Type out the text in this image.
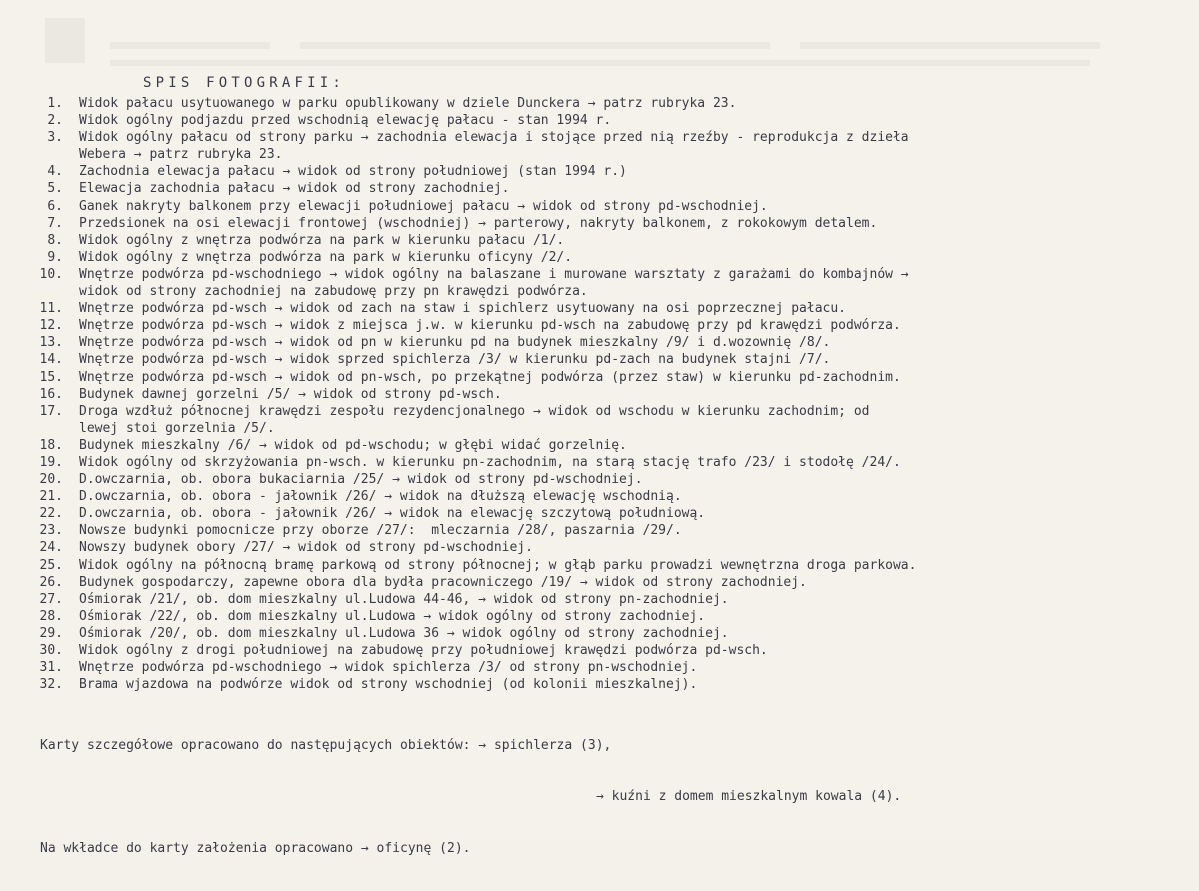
SPIS FOTOGRAFII:
1. Widok pałacu usytuowanego w parku opublikowany w dziele Dunckera → patrz rubryka 23.
2. Widok ogólny podjazdu przed wschodnią elewację pałacu - stan 1994 r.
3. Widok ogólny pałacu od strony parku → zachodnia elewacja i stojące przed nią rzeźby - reprodukcja z dzieła
Webera → patrz rubryka 23.
4. Zachodnia elewacja pałacu → widok od strony południowej (stan 1994 r.)
5. Elewacja zachodnia pałacu → widok od strony zachodniej.
6. Ganek nakryty balkonem przy elewacji południowej pałacu → widok od strony pd-wschodniej.
7. Przedsionek na osi elewacji frontowej (wschodniej) → parterowy, nakryty balkonem, z rokokowym detalem.
8. Widok ogólny z wnętrza podwórza na park w kierunku pałacu /1/.
9. Widok ogólny z wnętrza podwórza na park w kierunku oficyny /2/.
10. Wnętrze podwórza pd-wschodniego → widok ogólny na balaszane i murowane warsztaty z garażami do kombajnów →
widok od strony zachodniej na zabudowę przy pn krawędzi podwórza.
11. Wnętrze podwórza pd-wsch → widok od zach na staw i spichlerz usytuowany na osi poprzecznej pałacu.
12. Wnętrze podwórza pd-wsch → widok z miejsca j.w. w kierunku pd-wsch na zabudowę przy pd krawędzi podwórza.
13. Wnętrze podwórza pd-wsch → widok od pn w kierunku pd na budynek mieszkalny /9/ i d.wozownię /8/.
14. Wnętrze podwórza pd-wsch → widok sprzed spichlerza /3/ w kierunku pd-zach na budynek stajni /7/.
15. Wnętrze podwórza pd-wsch → widok od pn-wsch, po przekątnej podwórza (przez staw) w kierunku pd-zachodnim.
16. Budynek dawnej gorzelni /5/ → widok od strony pd-wsch.
17. Droga wzdłuż północnej krawędzi zespołu rezydencjonalnego → widok od wschodu w kierunku zachodnim; od
lewej stoi gorzelnia /5/.
18. Budynek mieszkalny /6/ → widok od pd-wschodu; w głębi widać gorzelnię.
19. Widok ogólny od skrzyżowania pn-wsch. w kierunku pn-zachodnim, na starą stację trafo /23/ i stodołę /24/.
20. D.owczarnia, ob. obora bukaciarnia /25/ → widok od strony pd-wschodniej.
21. D.owczarnia, ob. obora - jałownik /26/ → widok na dłuższą elewację wschodnią.
22. D.owczarnia, ob. obora - jałownik /26/ → widok na elewację szczytową południową.
23. Nowsze budynki pomocnicze przy oborze /27/:  mleczarnia /28/, paszarnia /29/.
24. Nowszy budynek obory /27/ → widok od strony pd-wschodniej.
25. Widok ogólny na północną bramę parkową od strony północnej; w głąb parku prowadzi wewnętrzna droga parkowa.
26. Budynek gospodarczy, zapewne obora dla bydła pracowniczego /19/ → widok od strony zachodniej.
27. Ośmiorak /21/, ob. dom mieszkalny ul.Ludowa 44-46, → widok od strony pn-zachodniej.
28. Ośmiorak /22/, ob. dom mieszkalny ul.Ludowa → widok ogólny od strony zachodniej.
29. Ośmiorak /20/, ob. dom mieszkalny ul.Ludowa 36 → widok ogólny od strony zachodniej.
30. Widok ogólny z drogi południowej na zabudowę przy południowej krawędzi podwórza pd-wsch.
31. Wnętrze podwórza pd-wschodniego → widok spichlerza /3/ od strony pn-wschodniej.
32. Brama wjazdowa na podwórze widok od strony wschodniej (od kolonii mieszkalnej).

Karty szczegółowe opracowano do następujących obiektów: → spichlerza (3),

→ kuźni z domem mieszkalnym kowala (4).

Na wkładce do karty założenia opracowano → oficynę (2).
